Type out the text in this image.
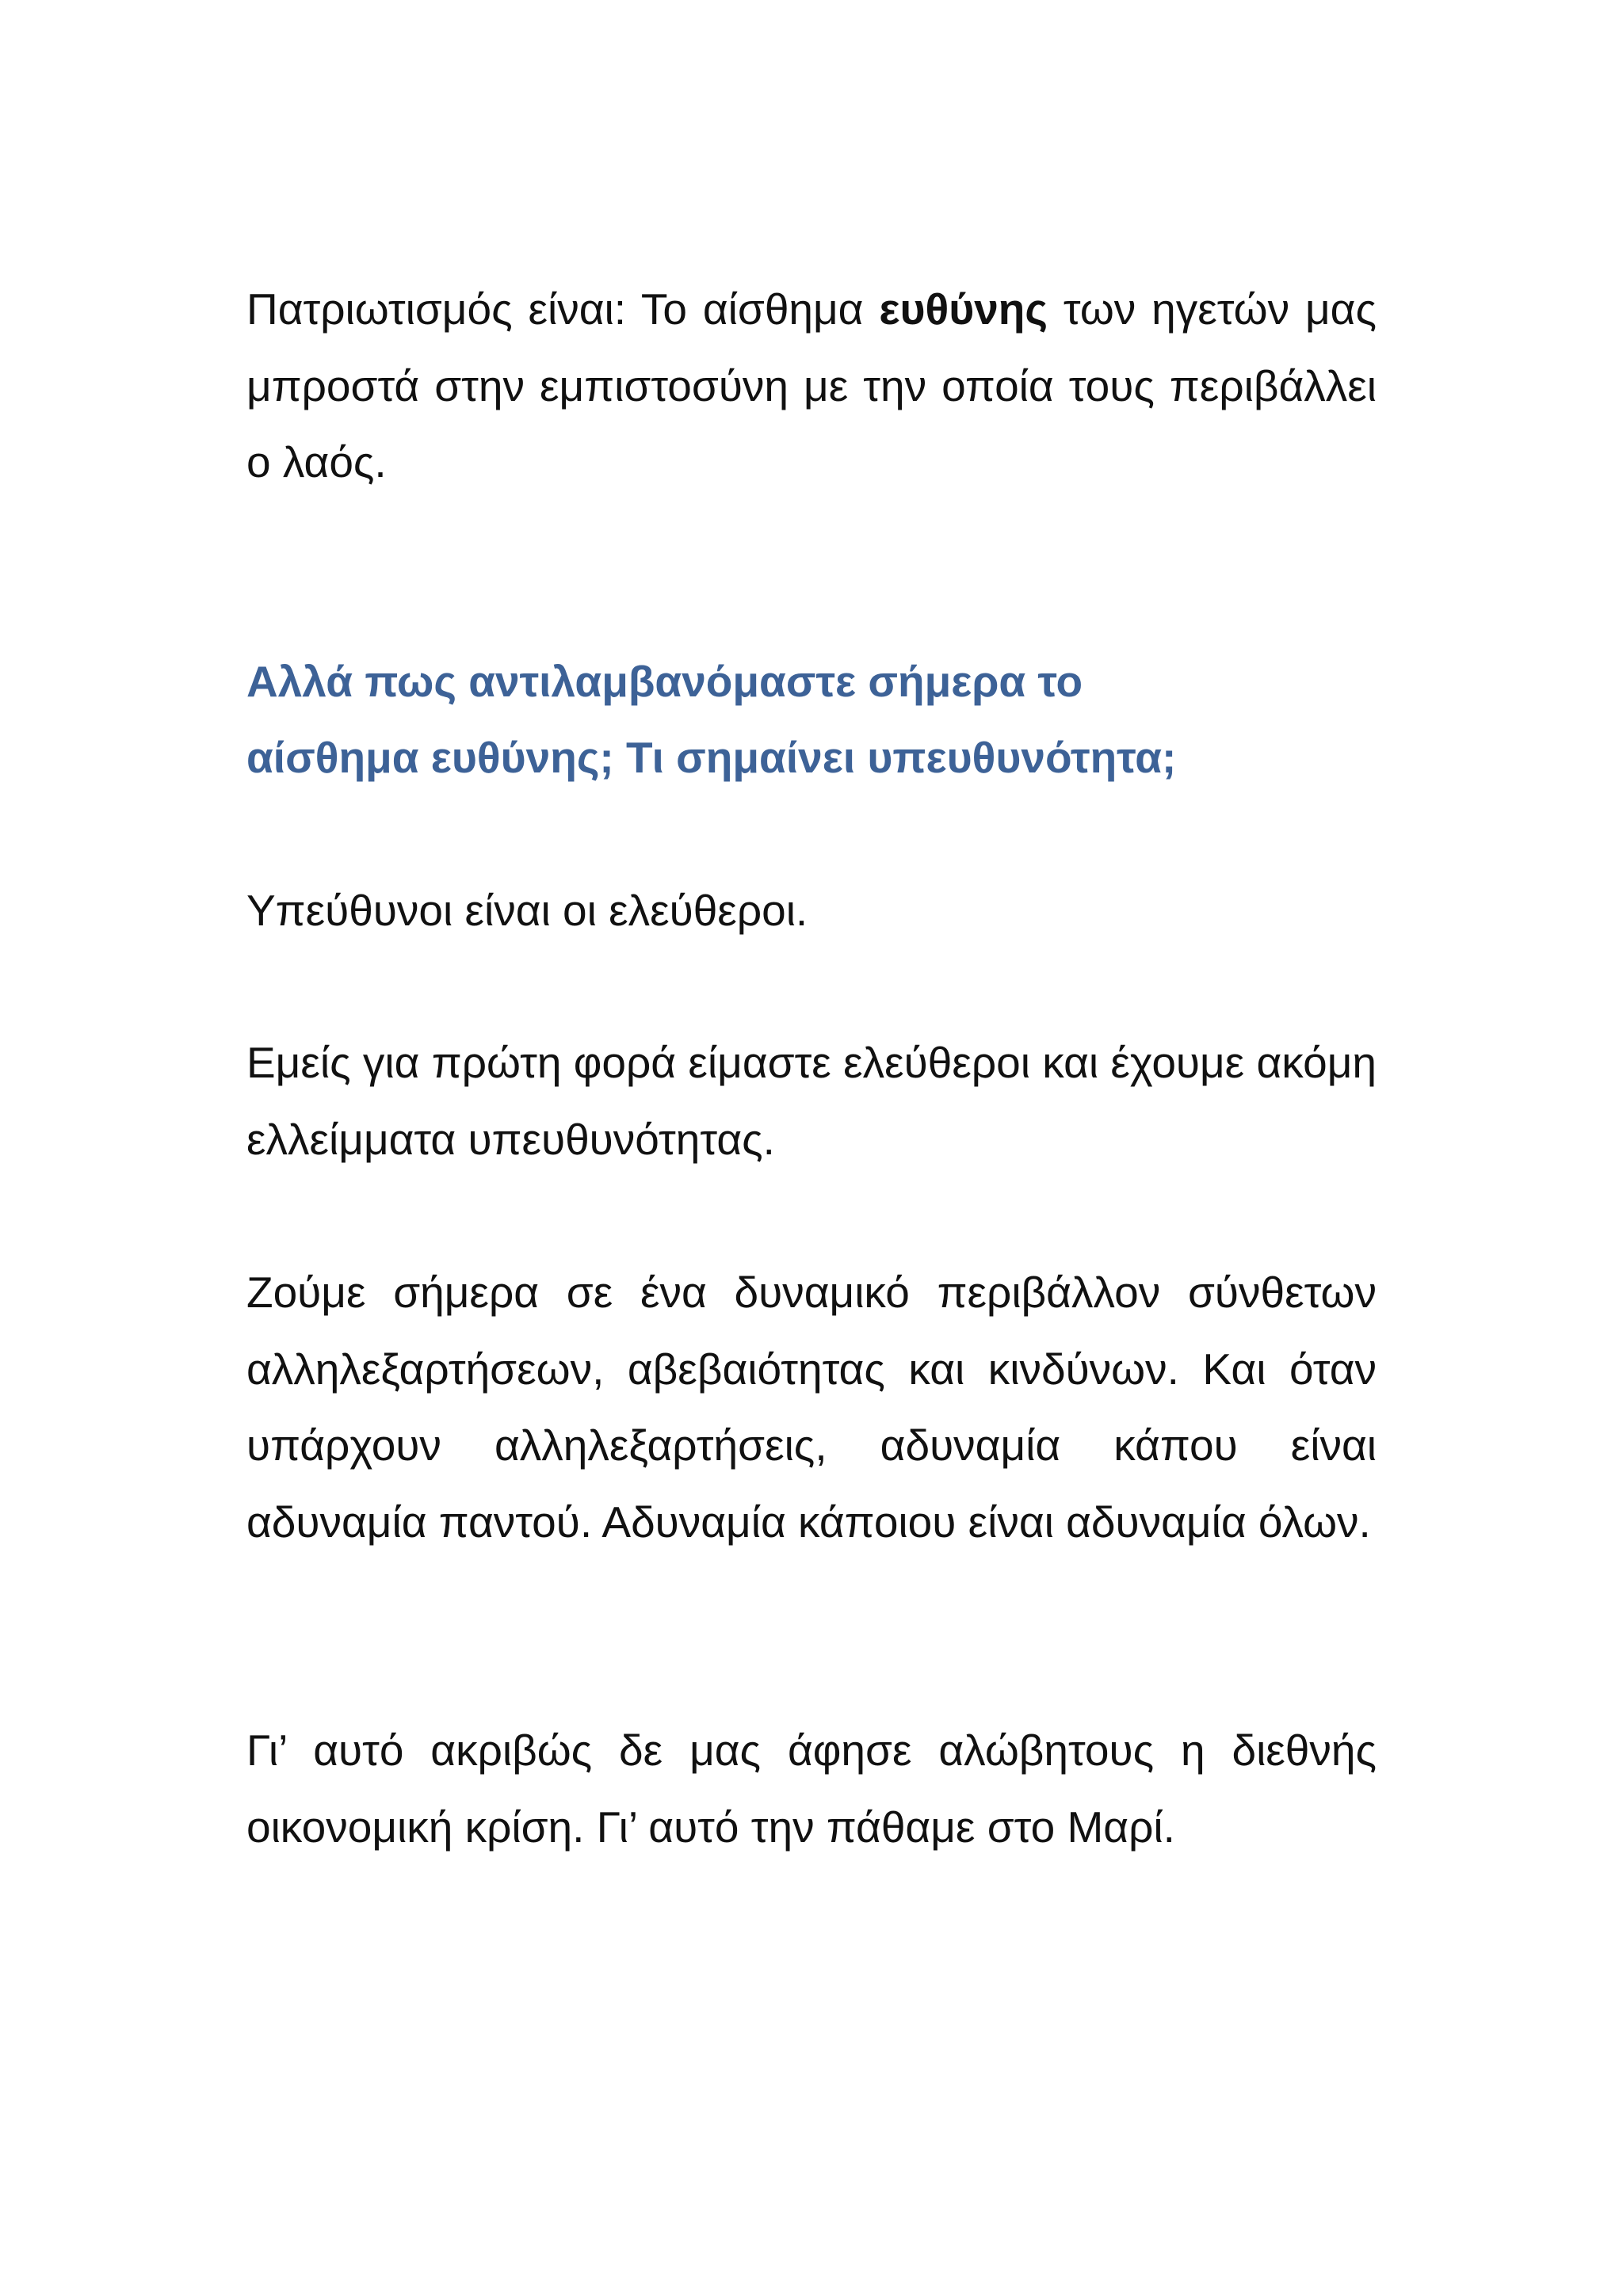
Πατριωτισμός είναι: Το αίσθημα ευθύνης των ηγετών μας μπροστά στην εμπιστοσύνη με την οποία τους περιβάλλει ο λαός.

Αλλά πως αντιλαμβανόμαστε σήμερα το
αίσθημα ευθύνης; Τι σημαίνει υπευθυνότητα;

Υπεύθυνοι είναι οι ελεύθεροι.

Εμείς για πρώτη φορά είμαστε ελεύθεροι και έχουμε ακόμη ελλείμματα υπευθυνότητας.

Ζούμε σήμερα σε ένα δυναμικό περιβάλλον σύνθετων αλληλεξαρτήσεων, αβεβαιότητας και κινδύνων. Και όταν υπάρχουν αλληλεξαρτήσεις, αδυναμία κάπου είναι αδυναμία παντού. Αδυναμία κάποιου είναι αδυναμία όλων.

Γι’ αυτό ακριβώς δε μας άφησε αλώβητους η διεθνής οικονομική κρίση. Γι’ αυτό την πάθαμε στο Μαρί.
